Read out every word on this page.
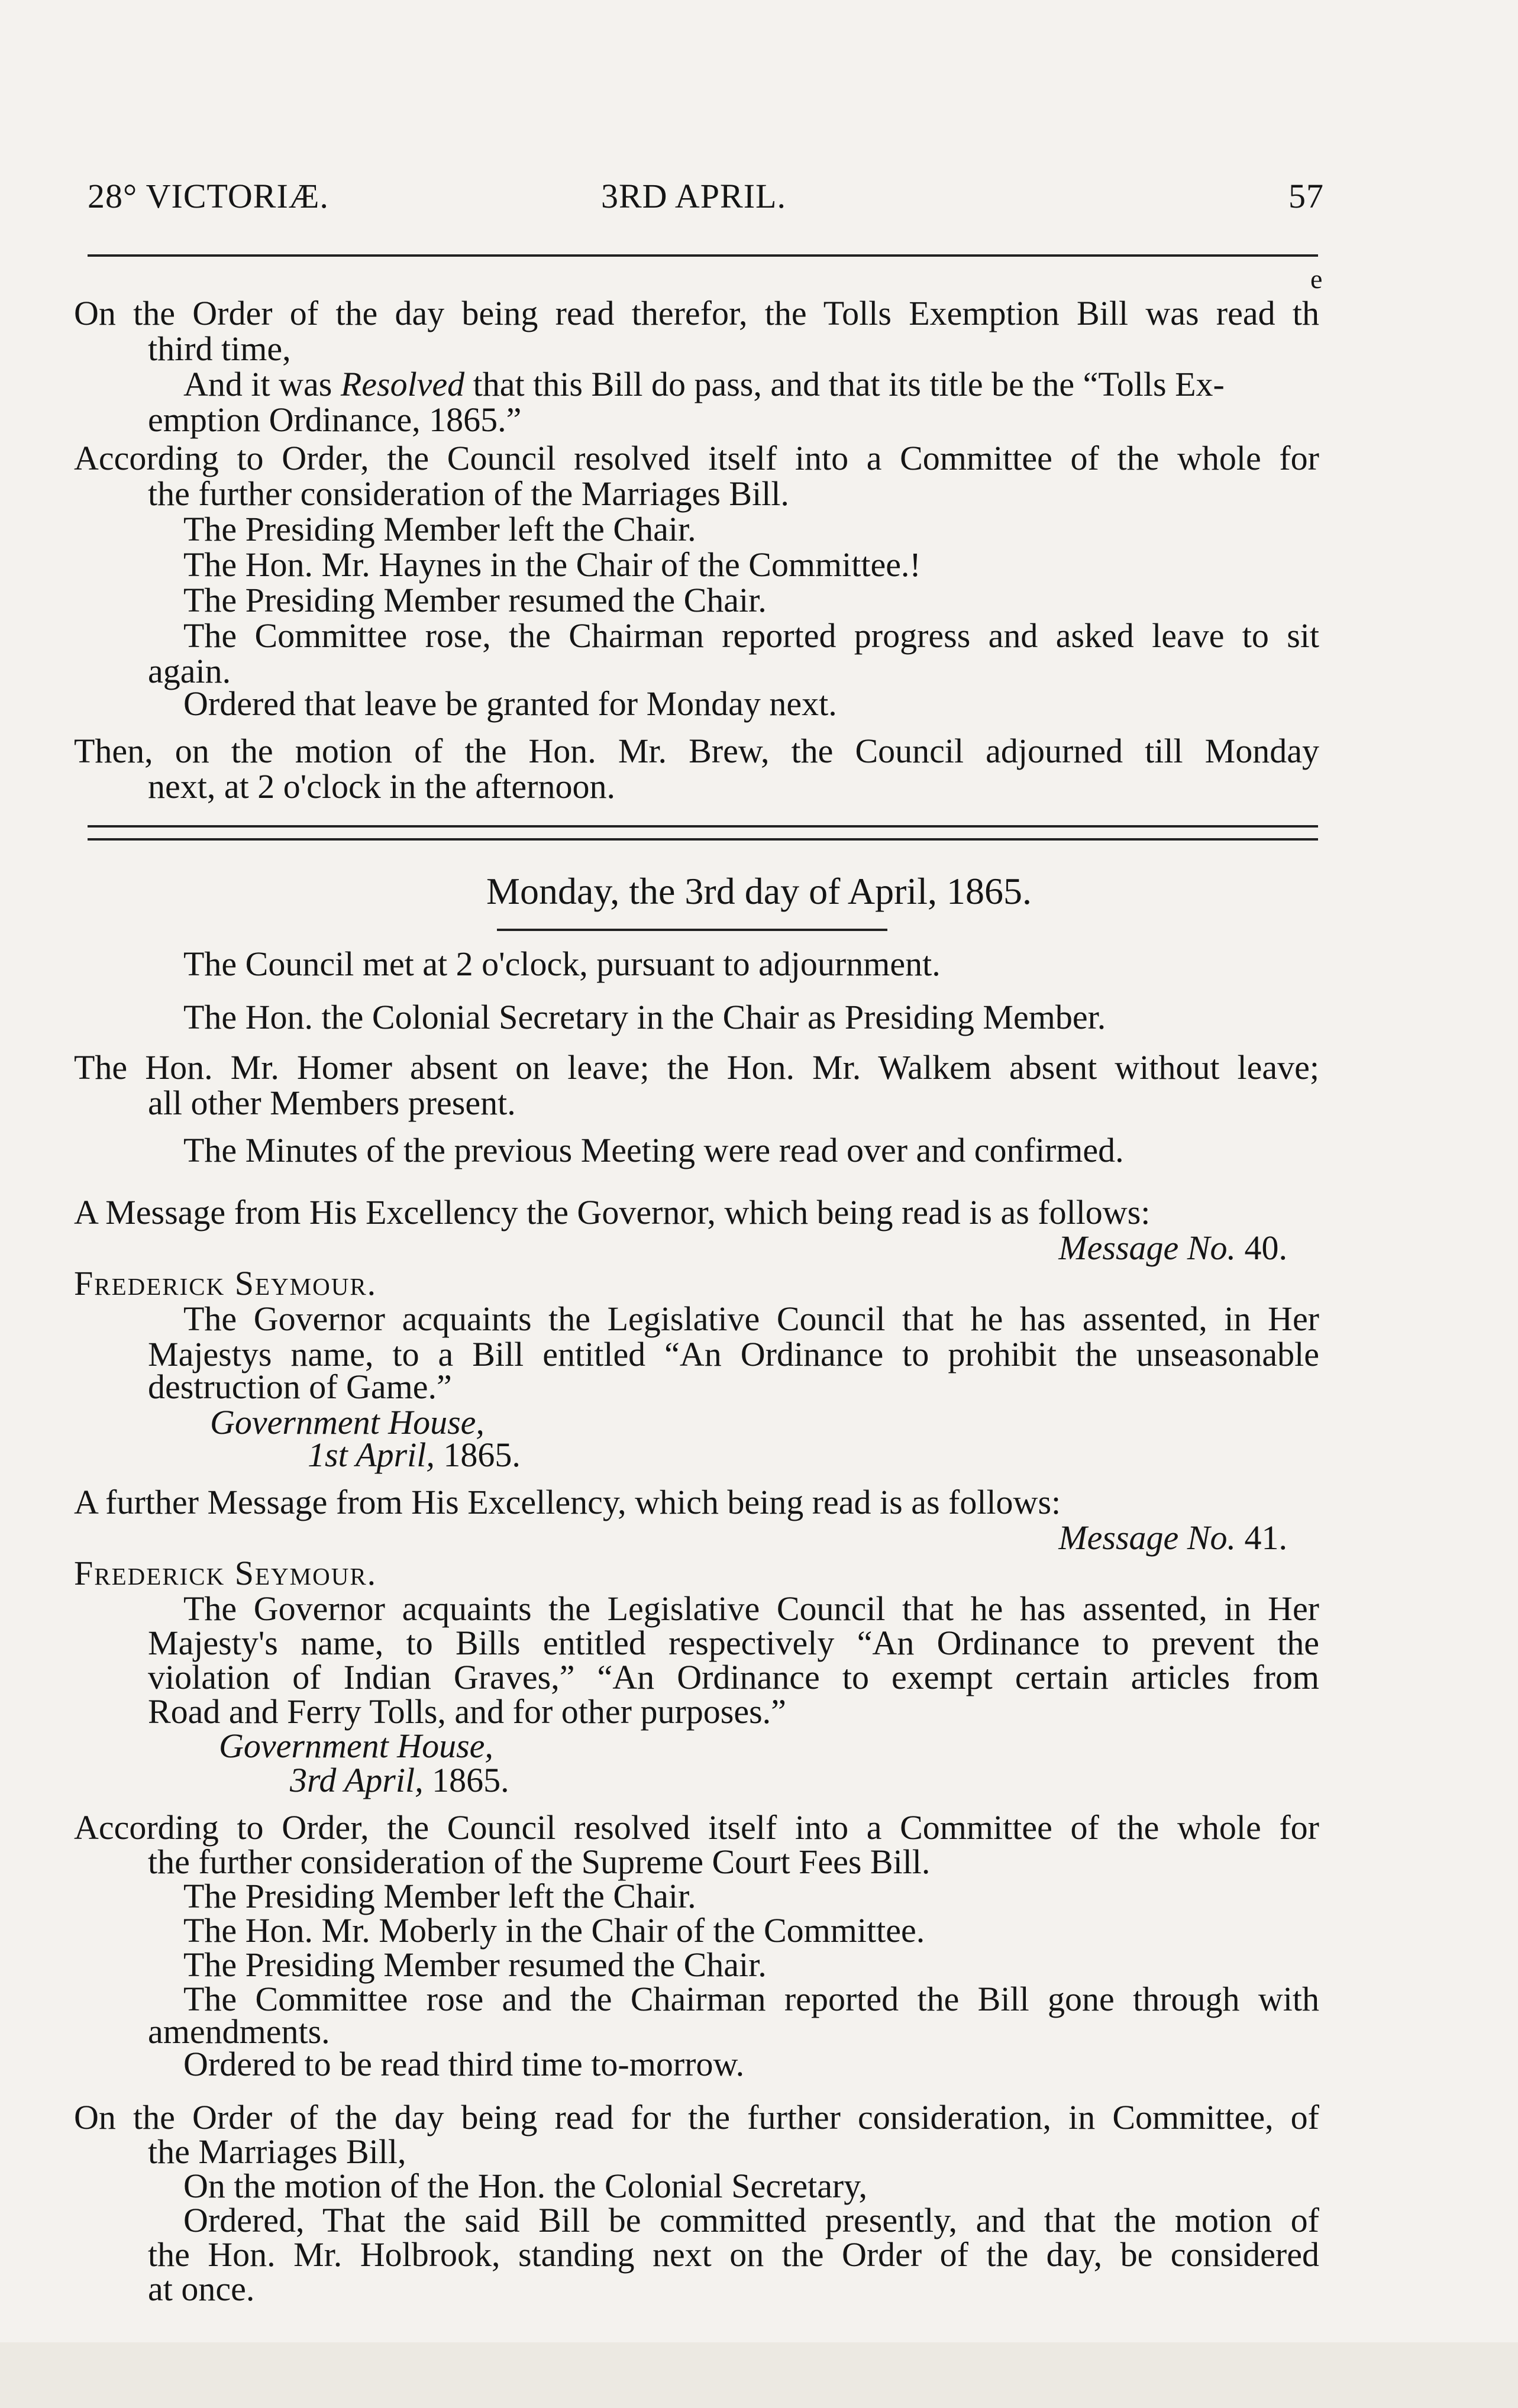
28° VICTORIÆ.	3RD APRIL.	57
e
On the Order of the day being read therefor, the Tolls Exemption Bill was read th
third time,
And it was Resolved that this Bill do pass, and that its title be the “Tolls Ex-
emption Ordinance, 1865.”
According to Order, the Council resolved itself into a Committee of the whole for
the further consideration of the Marriages Bill.
The Presiding Member left the Chair.
The Hon. Mr. Haynes in the Chair of the Committee.!
The Presiding Member resumed the Chair.
The Committee rose, the Chairman reported progress and asked leave to sit
again.
Ordered that leave be granted for Monday next.
Then, on the motion of the Hon. Mr. Brew, the Council adjourned till Monday
next, at 2 o'clock in the afternoon.
Monday, the 3rd day of April, 1865.
The Council met at 2 o'clock, pursuant to adjournment.
The Hon. the Colonial Secretary in the Chair as Presiding Member.
The Hon. Mr. Homer absent on leave; the Hon. Mr. Walkem absent without leave;
all other Members present.
The Minutes of the previous Meeting were read over and confirmed.
A Message from His Excellency the Governor, which being read is as follows:
Message No. 40.
Frederick Seymour.
The Governor acquaints the Legislative Council that he has assented, in Her
Majestys name, to a Bill entitled “An Ordinance to prohibit the unseasonable
destruction of Game.”
Government House,
1st April, 1865.
A further Message from His Excellency, which being read is as follows:
Message No. 41.
Frederick Seymour.
The Governor acquaints the Legislative Council that he has assented, in Her
Majesty's name, to Bills entitled respectively “An Ordinance to prevent the
violation of Indian Graves,” “An Ordinance to exempt certain articles from
Road and Ferry Tolls, and for other purposes.”
Government House,
3rd April, 1865.
According to Order, the Council resolved itself into a Committee of the whole for
the further consideration of the Supreme Court Fees Bill.
The Presiding Member left the Chair.
The Hon. Mr. Moberly in the Chair of the Committee.
The Presiding Member resumed the Chair.
The Committee rose and the Chairman reported the Bill gone through with
amendments.
Ordered to be read third time to-morrow.
On the Order of the day being read for the further consideration, in Committee, of
the Marriages Bill,
On the motion of the Hon. the Colonial Secretary,
Ordered, That the said Bill be committed presently, and that the motion of
the Hon. Mr. Holbrook, standing next on the Order of the day, be considered
at once.
